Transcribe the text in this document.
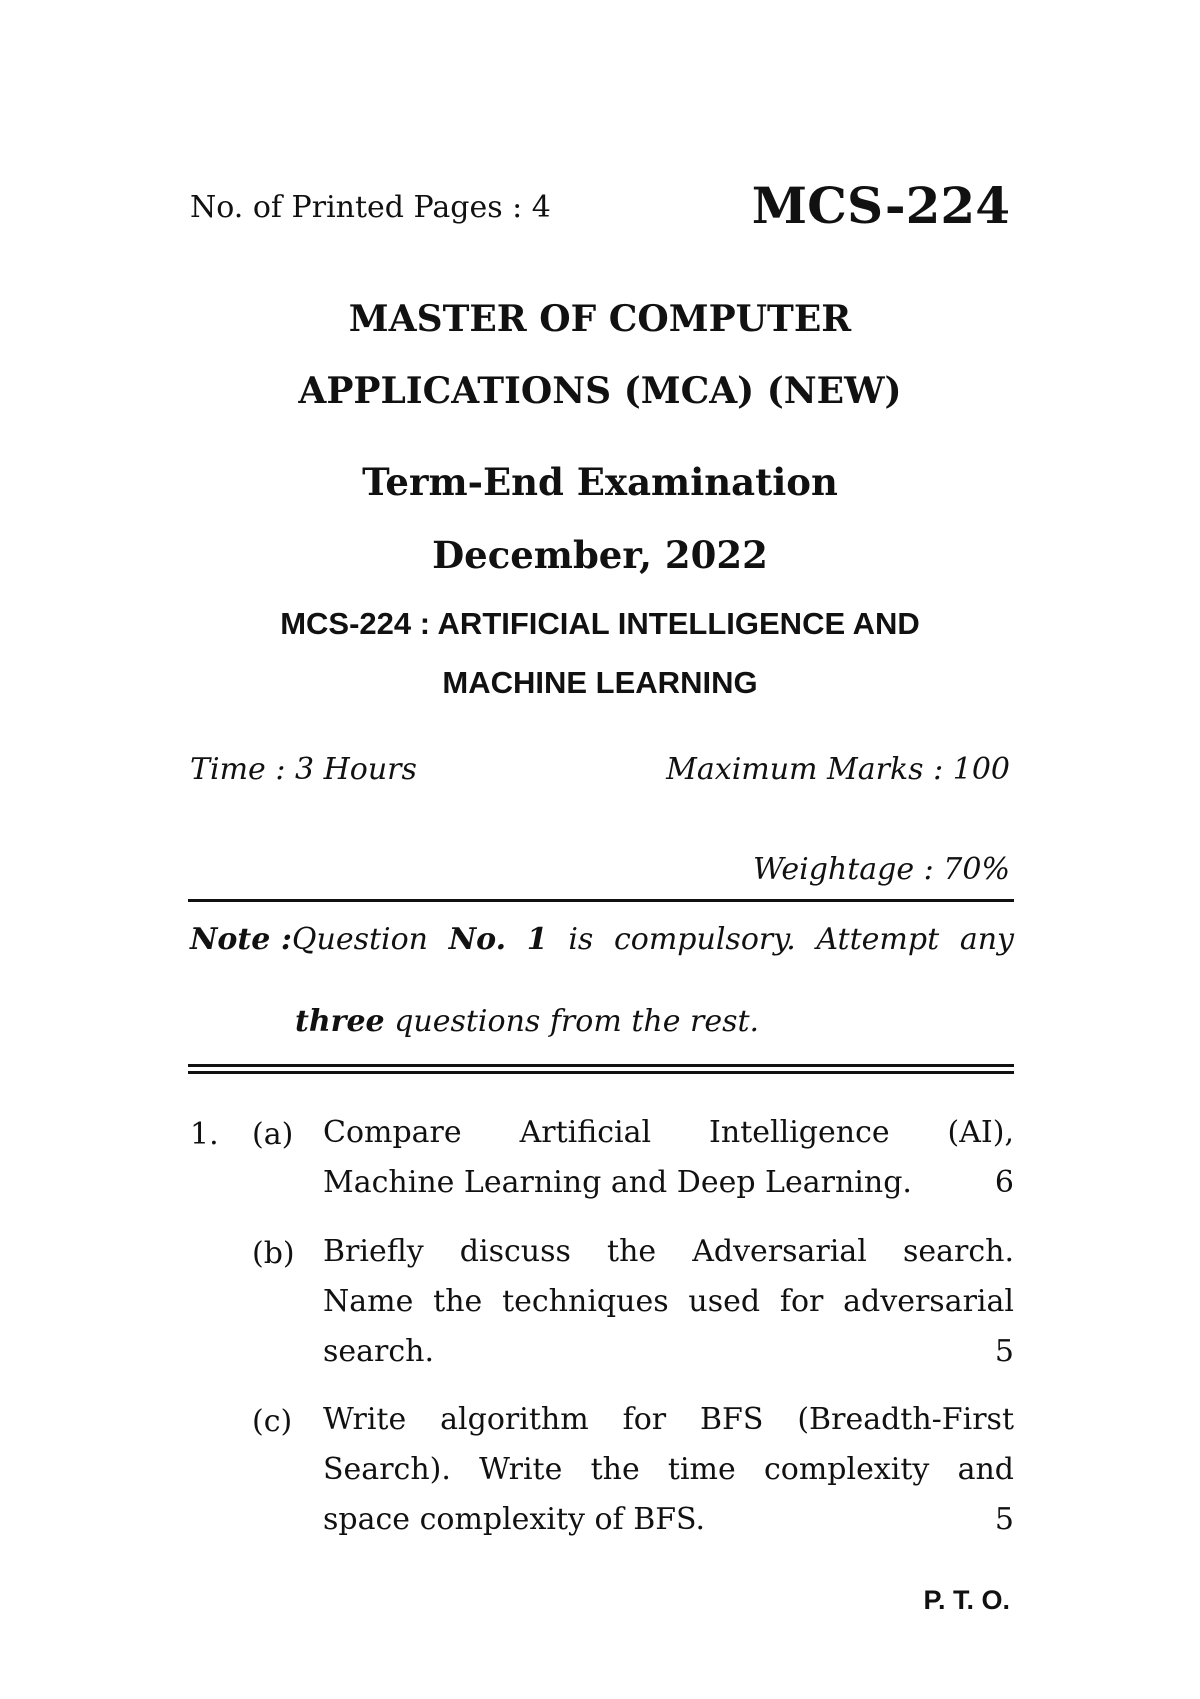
No. of Printed Pages : 4	MCS-224
MASTER OF COMPUTER
APPLICATIONS (MCA) (NEW)
Term-End Examination
December, 2022
MCS-224 : ARTIFICIAL INTELLIGENCE AND
MACHINE LEARNING
Time : 3 Hours	Maximum Marks : 100
Weightage : 70%
Note :Question No. 1 is compulsory. Attempt any
three questions from the rest.
1. (a) Compare Artificial Intelligence (AI),
Machine Learning and Deep Learning.	6
(b) Briefly discuss the Adversarial search.
Name the techniques used for adversarial
search.	5
(c) Write algorithm for BFS (Breadth-First
Search). Write the time complexity and
space complexity of BFS.	5
P. T. O.
